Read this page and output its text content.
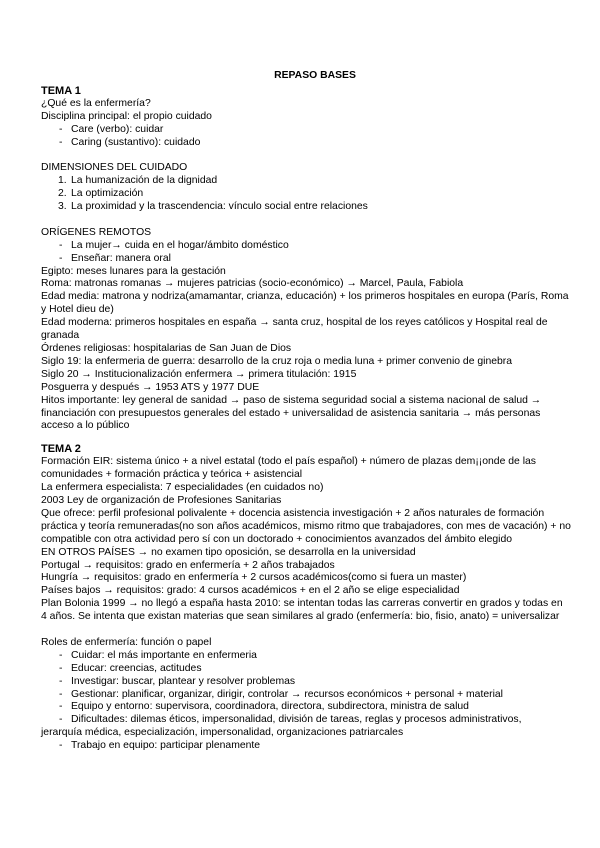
REPASO BASES
TEMA 1
¿Qué es la enfermería?
Disciplina principal: el propio cuidado
- Care (verbo): cuidar
- Caring (sustantivo): cuidado
DIMENSIONES DEL CUIDADO
1. La humanización de la dignidad
2. La optimización
3. La proximidad y la trascendencia: vínculo social entre relaciones
ORÍGENES REMOTOS
- La mujer→ cuida en el hogar/ámbito doméstico
- Enseñar: manera oral
Egipto: meses lunares para la gestación
Roma: matronas romanas → mujeres patricias (socio-económico) → Marcel, Paula, Fabiola
Edad media: matrona y nodriza(amamantar, crianza, educación) + los primeros hospitales en europa (París, Roma y Hotel dieu de)
Edad moderna: primeros hospitales en españa → santa cruz, hospital de los reyes católicos y Hospital real de granada
Órdenes religiosas: hospitalarias de San Juan de Dios
Siglo 19: la enfermeria de guerra: desarrollo de la cruz roja o media luna + primer convenio de ginebra
Siglo 20 → Institucionalización enfermera → primera titulación: 1915
Posguerra y después → 1953 ATS y 1977 DUE
Hitos importante: ley general de sanidad → paso de sistema seguridad social a sistema nacional de salud → financiación con presupuestos generales del estado + universalidad de asistencia sanitaria → más personas acceso a lo público
TEMA 2
Formación EIR: sistema único + a nivel estatal (todo el país español) + número de plazas dem¡¡onde de las comunidades + formación práctica y teórica + asistencial
La enfermera especialista: 7 especialidades (en cuidados no)
2003 Ley de organización de Profesiones Sanitarias
Que ofrece: perfil profesional polivalente + docencia asistencia investigación + 2 años naturales de formación práctica y teoría remuneradas(no son años académicos, mismo ritmo que trabajadores, con mes de vacación) + no compatible con otra actividad pero sí con un doctorado + conocimientos avanzados del ámbito elegido
EN OTROS PAÍSES → no examen tipo oposición, se desarrolla en la universidad
Portugal → requisitos: grado en enfermería + 2 años trabajados
Hungría → requisitos: grado en enfermería + 2 cursos académicos(como si fuera un master)
Países bajos → requisitos: grado: 4 cursos académicos + en el 2 año se elige especialidad
Plan Bolonia 1999 → no llegó a españa hasta 2010: se intentan todas las carreras convertir en grados y todas en 4 años. Se intenta que existan materias que sean similares al grado (enfermería: bio, fisio, anato) = universalizar
Roles de enfermería: función o papel
- Cuidar: el más importante en enfermeria
- Educar: creencias, actitudes
- Investigar: buscar, plantear y resolver problemas
- Gestionar: planificar, organizar, dirigir, controlar → recursos económicos + personal + material
- Equipo y entorno: supervisora, coordinadora, directora, subdirectora, ministra de salud
- Dificultades: dilemas éticos, impersonalidad, división de tareas, reglas y procesos administrativos,
jerarquía médica, especialización, impersonalidad, organizaciones patriarcales
- Trabajo en equipo: participar plenamente
